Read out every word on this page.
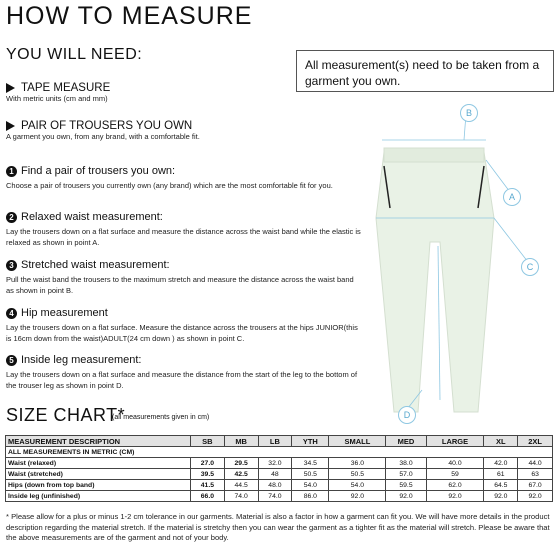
HOW TO MEASURE
YOU WILL NEED:
TAPE MEASURE
With metric units (cm and mm)
PAIR OF TROUSERS YOU OWN
A garment you own, from any brand, with a comfortable fit.
All measurement(s) need to be taken from a garment you own.
1 Find a pair of trousers you own:
Choose a pair of trousers you currently own (any brand) which are the most comfortable fit for you.
2 Relaxed waist measurement:
Lay the trousers down on a flat surface and measure the distance across the waist band while the elastic is relaxed as shown in point A.
3 Stretched waist measurement:
Pull the waist band the trousers to the maximum stretch and measure the distance across the waist band as shown in point B.
4 Hip measurement
Lay the trousers down on a flat surface. Measure the distance across the trousers at the hips JUNIOR(this is 16cm down from the waist)ADULT(24 cm down ) as shown in point C.
5 Inside leg measurement:
Lay the trousers down on a flat surface and measure the distance from the start of the leg to the bottom of the trouser leg as shown in point D.
B
A
C
D
SIZE CHART*
(all measurements given in cm)
MEASUREMENT DESCRIPTION	SB	MB	LB	YTH	SMALL	MED	LARGE	XL	2XL
ALL MEASUREMENTS IN METRIC (CM)									
Waist (relaxed)	27.0	29.5	32.0	34.5	36.0	38.0	40.0	42.0	44.0
Waist (stretched)	39.5	42.5	48	50.5	50.5	57.0	59	61	63
Hips (down from top band)	41.5	44.5	48.0	54.0	54.0	59.5	62.0	64.5	67.0
Inside leg (unfinished)	66.0	74.0	74.0	86.0	92.0	92.0	92.0	92.0	92.0
* Please allow for a plus or minus 1-2 cm tolerance in our garments. Material is also a factor in how a garment can fit you. We will have more details in the product description regarding the material stretch. If the material is stretchy then you can wear the garment as a tighter fit as the material will stretch. Please be aware that the above measurements are of the garment and not of your body.
